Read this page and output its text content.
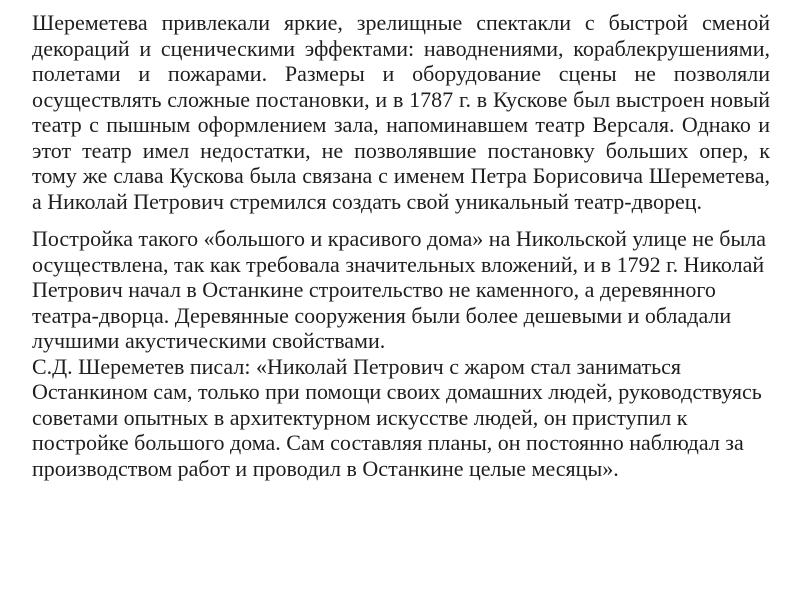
Шереметева привлекали яркие, зрелищные спектакли с быстрой сменой декораций и сценическими эффектами: наводнениями, кораблекрушениями, полетами и пожарами. Размеры и оборудование сцены не позволяли осуществлять сложные постановки, и в 1787 г. в Кускове был выстроен новый театр с пышным оформлением зала, напоминавшем театр Версаля. Однако и этот театр имел недостатки, не позволявшие постановку больших опер, к тому же слава Кускова была связана с именем Петра Борисовича Шереметева, а Николай Петрович стремился создать свой уникальный театр-дворец.

Постройка такого «большого и красивого дома» на Никольской улице не была осуществлена, так как требовала значительных вложений, и в 1792 г. Николай Петрович начал в Останкине строительство не каменного, а деревянного театра-дворца. Деревянные сооружения были более дешевыми и обладали лучшими акустическими свойствами.

С.Д. Шереметев писал: «Николай Петрович с жаром стал заниматься Останкином сам, только при помощи своих домашних людей, руководствуясь советами опытных в архитектурном искусстве людей, он приступил к постройке большого дома. Сам составляя планы, он постоянно наблюдал за производством работ и проводил в Останкине целые месяцы».
